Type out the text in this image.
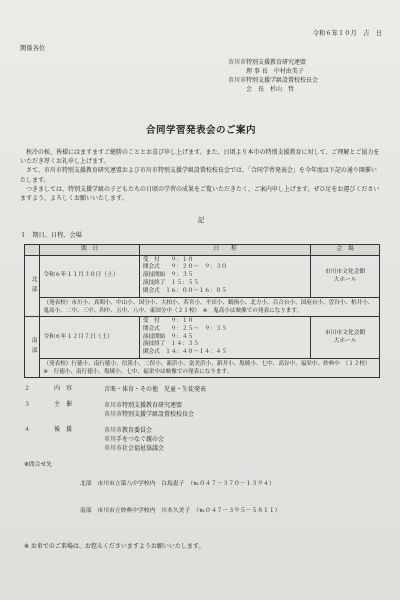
令和６年１０月　吉　日
関係各位
市川市特別支援教育研究連盟
理 事 長　中村由美子
市川市特別支援学級設置校校長会
会　長　杉山　哲
合同学習発表会のご案内

秋冷の候、皆様にはますますご健勝のこととお喜び申し上げます。また、日頃より本市の特別支援教育に対して、ご理解とご協力をいただき厚くお礼申し上げます。

さて、市川市特別支援教育研究連盟および市川市特別支援学級設置校校長会では、「合同学習発表会」を今年度は下記の通り開催いたします。

つきましては、特別支援学級の子どもたちの日頃の学習の成果をご覧いただきたく、ご案内申し上げます。ぜひ足をお運びくださいますよう、よろしくお願いいたします。

記
１　期日、日程、会場
	期　日	日　　程	会　場
北部	令和６年１１月３０日（土）	受　付　　９：１０
開会式　　９：２０～　９：３０
演技開始　９：３５
演技終了　１５：５５
閉会式　１６：００～１６：０５	市川市文化会館
大ホール
	（発表校）市川小、真間小、中山小、国分小、大柏小、若宮小、平田小、鶴指小、北方小、百合台小、国府台小、曽谷小、柏井小、鬼高小、二中、三中、四中、五中、八中、東国分中（２１校）　※　鬼高小は映像での発表になります。		
南部	令和６年１２月７日（土）	受　付　　９：１０
開会式　　９：２５～　９：３５
演技開始　９：４５
演技終了　１４：３５
閉会式　１４：４０～１４：４５	市川市文化会館
大ホール
	（発表校）行徳小、南行徳小、信篤小、二俣小、新浜小、富美浜小、新井小、塩焼小、七中、高谷中、福栄中、妙典中　（１２校）　※　行徳小、南行徳小、塩焼小、七中、福栄中は映像での発表になります。		
２	内　容	音楽・体育・その他　児童・生徒発表
３	主　催	市川市特別支援教育研究連盟
市川市特別支援学級設置校校長会
４	後　援	市川市教育委員会
市川手をつなぐ親の会
市川市社会福祉協議会
※問合せ先

北部　市川市立第八中学校内　白島恵子　（℡０４７－３７０－１３９４）

南部　市川市立妙典中学校内　川本久美子　（℡０４７－３９５－５８１１）

※ お車でのご来場は、お控えくださいますようお願いいたします。
